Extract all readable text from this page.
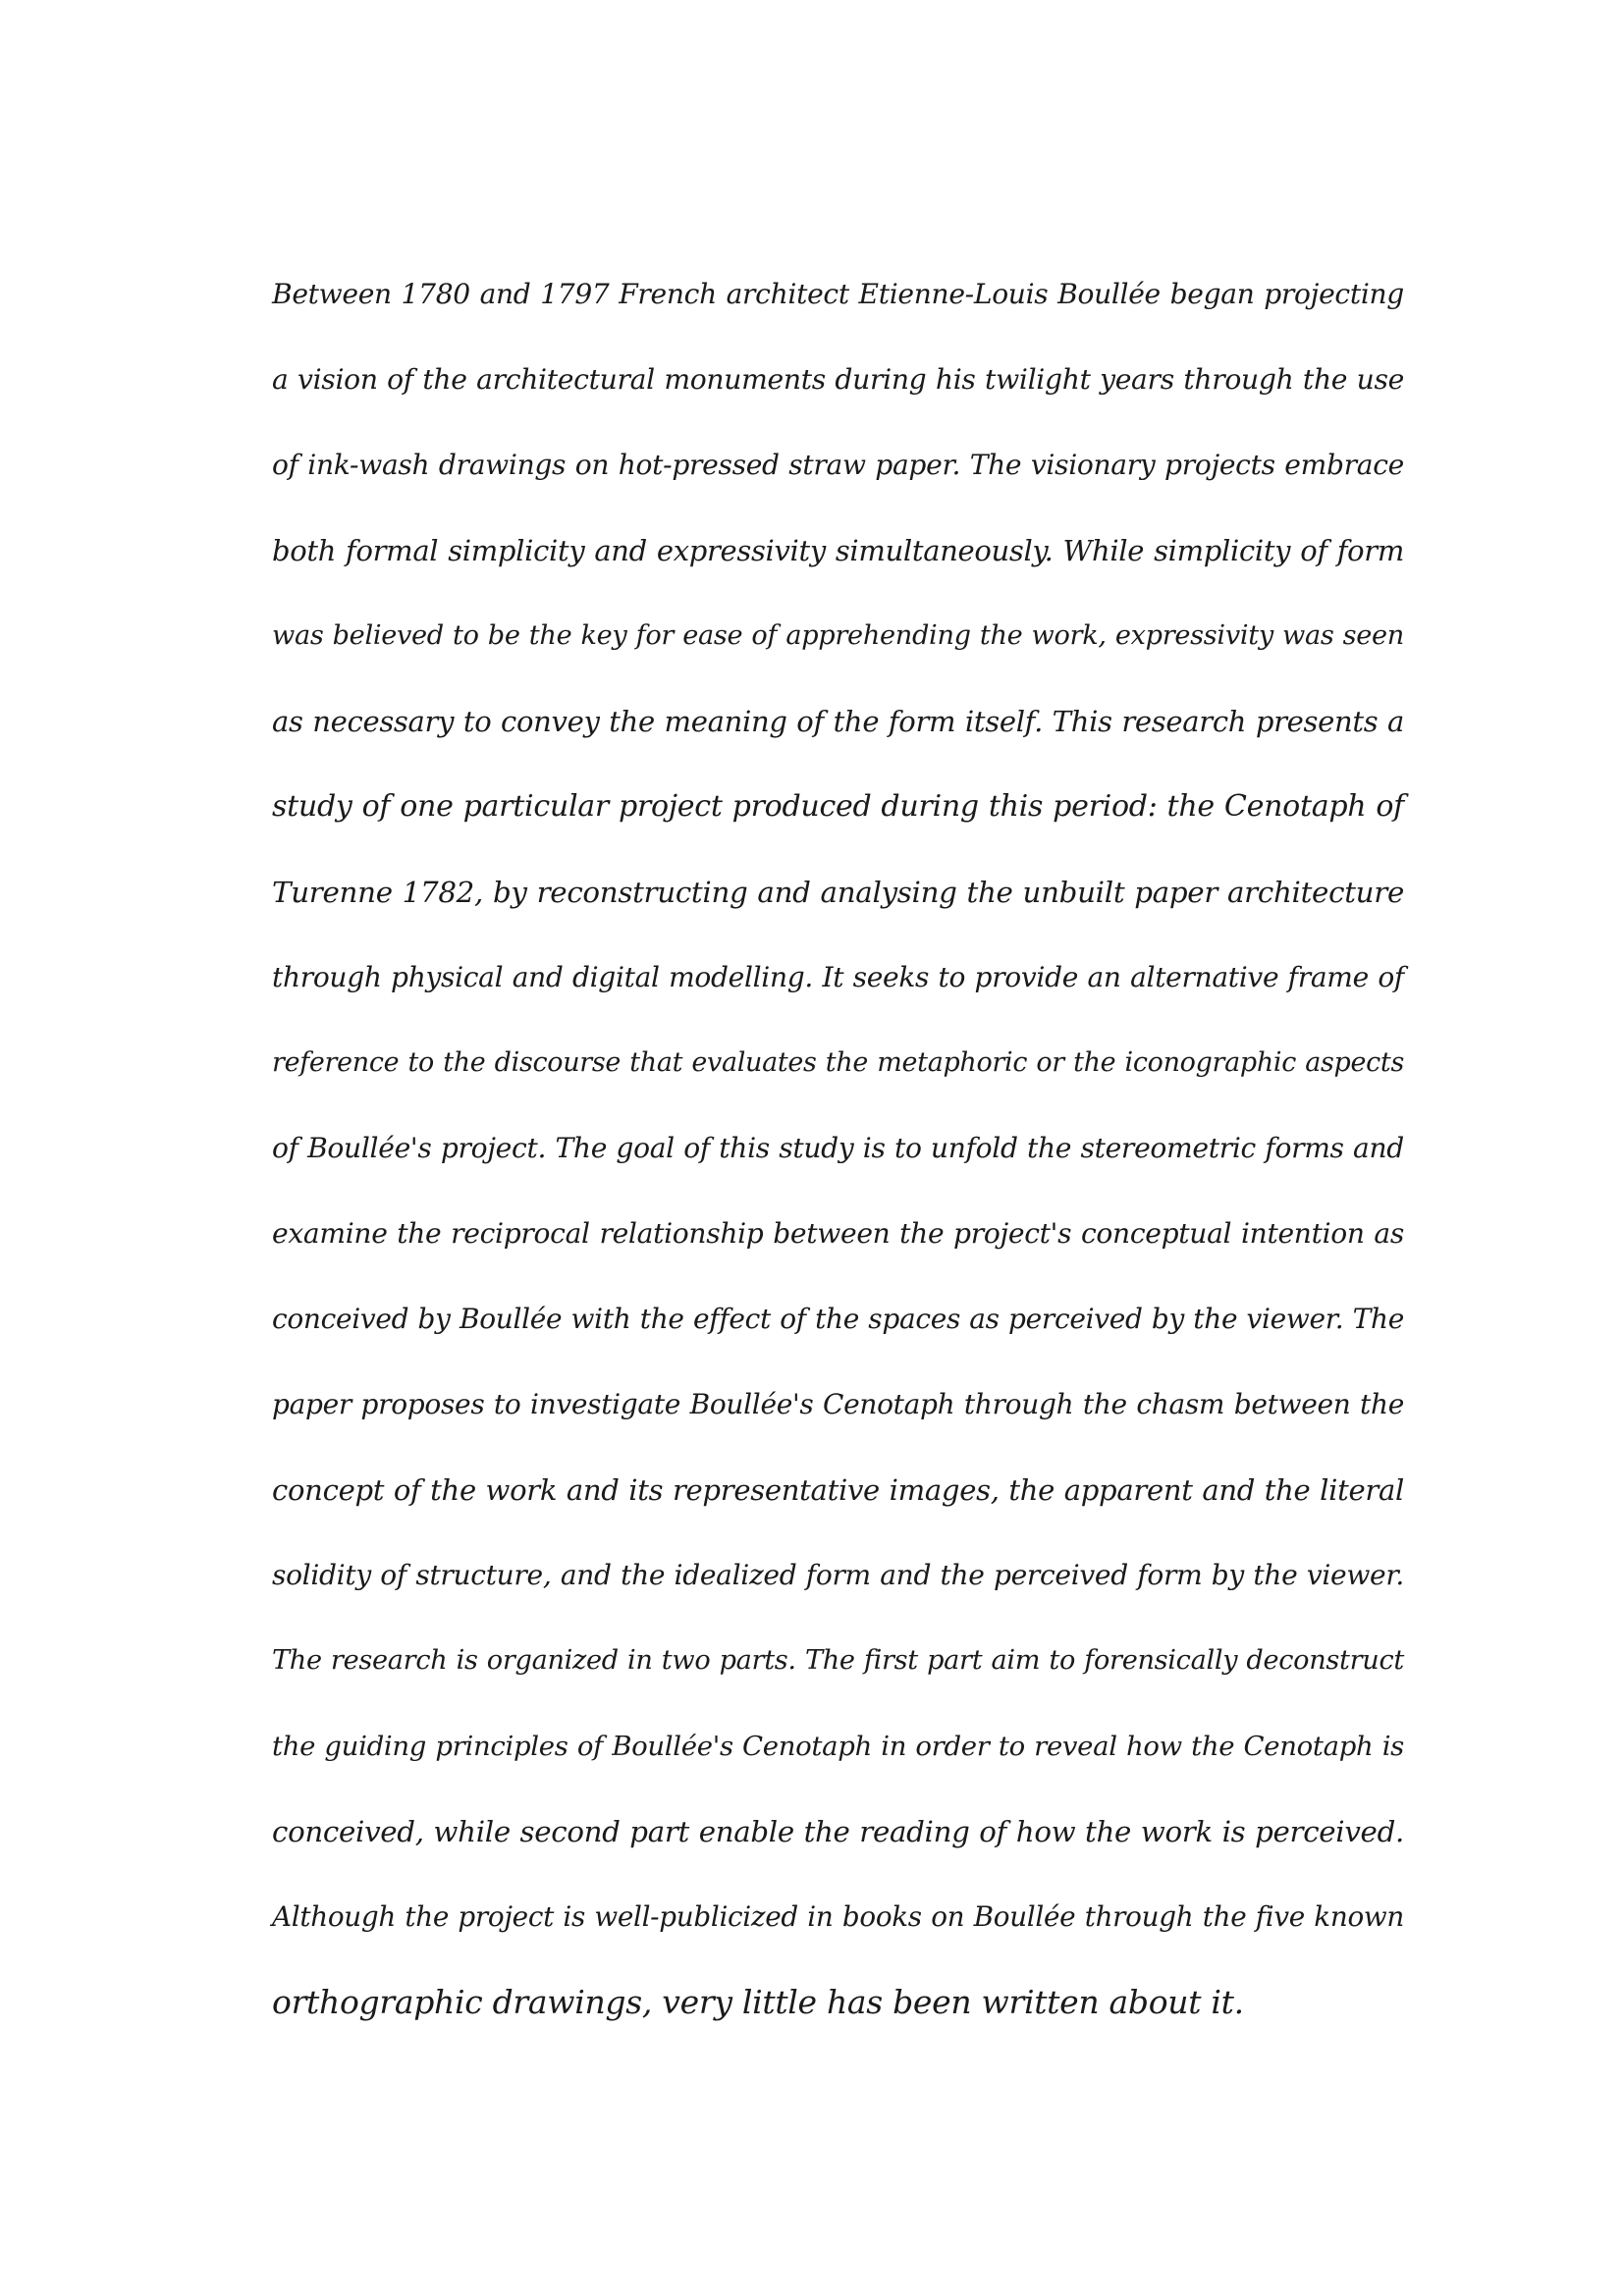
Between 1780 and 1797 French architect Etienne-Louis Boullée began projecting
a vision of the architectural monuments during his twilight years through the use
of ink-wash drawings on hot-pressed straw paper. The visionary projects embrace
both formal simplicity and expressivity simultaneously. While simplicity of form
was believed to be the key for ease of apprehending the work, expressivity was seen
as necessary to convey the meaning of the form itself. This research presents a
study of one particular project produced during this period: the Cenotaph of
Turenne 1782, by reconstructing and analysing the unbuilt paper architecture
through physical and digital modelling. It seeks to provide an alternative frame of
reference to the discourse that evaluates the metaphoric or the iconographic aspects
of Boullée's project. The goal of this study is to unfold the stereometric forms and
examine the reciprocal relationship between the project's conceptual intention as
conceived by Boullée with the effect of the spaces as perceived by the viewer. The
paper proposes to investigate Boullée's Cenotaph through the chasm between the
concept of the work and its representative images, the apparent and the literal
solidity of structure, and the idealized form and the perceived form by the viewer.
The research is organized in two parts. The first part aim to forensically deconstruct
the guiding principles of Boullée's Cenotaph in order to reveal how the Cenotaph is
conceived, while second part enable the reading of how the work is perceived.
Although the project is well-publicized in books on Boullée through the five known
orthographic drawings, very little has been written about it.
